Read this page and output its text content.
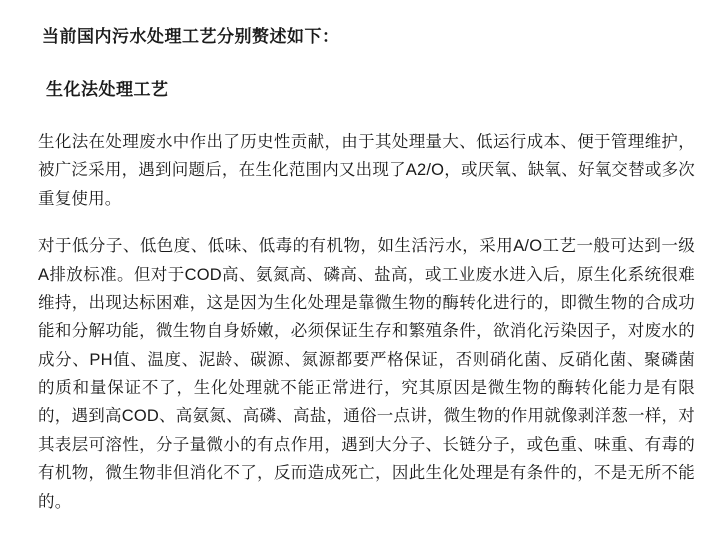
当前国内污水处理工艺分别赘述如下：
生化法处理工艺

生化法在处理废水中作出了历史性贡献，由于其处理量大、低运行成本、便于管理维护，被广泛采用，遇到问题后，在生化范围内又出现了A2/O，或厌氧、缺氧、好氧交替或多次重复使用。

对于低分子、低色度、低味、低毒的有机物，如生活污水，采用A/O工艺一般可达到一级A排放标准。但对于COD高、氨氮高、磷高、盐高，或工业废水进入后，原生化系统很难维持，出现达标困难，这是因为生化处理是靠微生物的酶转化进行的，即微生物的合成功能和分解功能，微生物自身娇嫩，必须保证生存和繁殖条件，欲消化污染因子，对废水的成分、PH值、温度、泥龄、碳源、氮源都要严格保证，否则硝化菌、反硝化菌、聚磷菌的质和量保证不了，生化处理就不能正常进行，究其原因是微生物的酶转化能力是有限的，遇到高COD、高氨氮、高磷、高盐，通俗一点讲，微生物的作用就像剥洋葱一样，对其表层可溶性，分子量微小的有点作用，遇到大分子、长链分子，或色重、味重、有毒的有机物，微生物非但消化不了，反而造成死亡，因此生化处理是有条件的，不是无所不能的。
